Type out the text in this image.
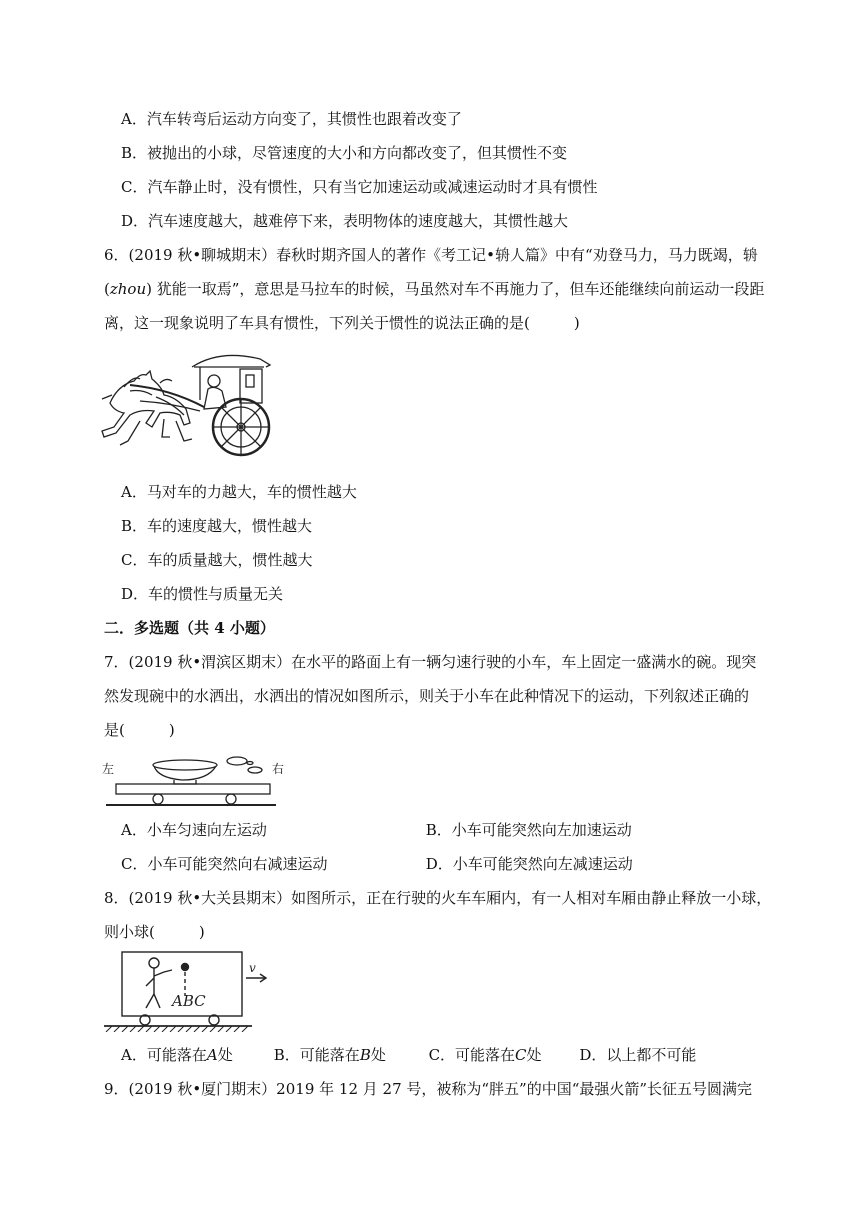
A．汽车转弯后运动方向变了，其惯性也跟着改变了
B．被抛出的小球，尽管速度的大小和方向都改变了，但其惯性不变
C．汽车静止时，没有惯性，只有当它加速运动或减速运动时才具有惯性
D．汽车速度越大，越难停下来，表明物体的速度越大，其惯性越大
6．(2019 秋•聊城期末）春秋时期齐国人的著作《考工记•辀人篇》中有“劝登马力，马力既竭，辀
(zhou) 犹能一取焉”，意思是马拉车的时候，马虽然对车不再施力了，但车还能继续向前运动一段距
离，这一现象说明了车具有惯性，下列关于惯性的说法正确的是(	)
A．马对车的力越大，车的惯性越大
B．车的速度越大，惯性越大
C．车的质量越大，惯性越大
D．车的惯性与质量无关
二．多选题（共 4 小题）
7．(2019 秋•渭滨区期末）在水平的路面上有一辆匀速行驶的小车，车上固定一盛满水的碗。现突
然发现碗中的水洒出，水洒出的情况如图所示，则关于小车在此种情况下的运动，下列叙述正确的
是(	)
左	右
A．小车匀速向左运动	B．小车可能突然向左加速运动
C．小车可能突然向右减速运动	D．小车可能突然向左减速运动
8．(2019 秋•大关县期末）如图所示，正在行驶的火车车厢内，有一人相对车厢由静止释放一小球，
则小球(	)
v
ABC
A．可能落在A处	B．可能落在B处	C．可能落在C处	D．以上都不可能
9．(2019 秋•厦门期末）2019 年 12 月 27 号，被称为“胖五”的中国“最强火箭”长征五号圆满完
